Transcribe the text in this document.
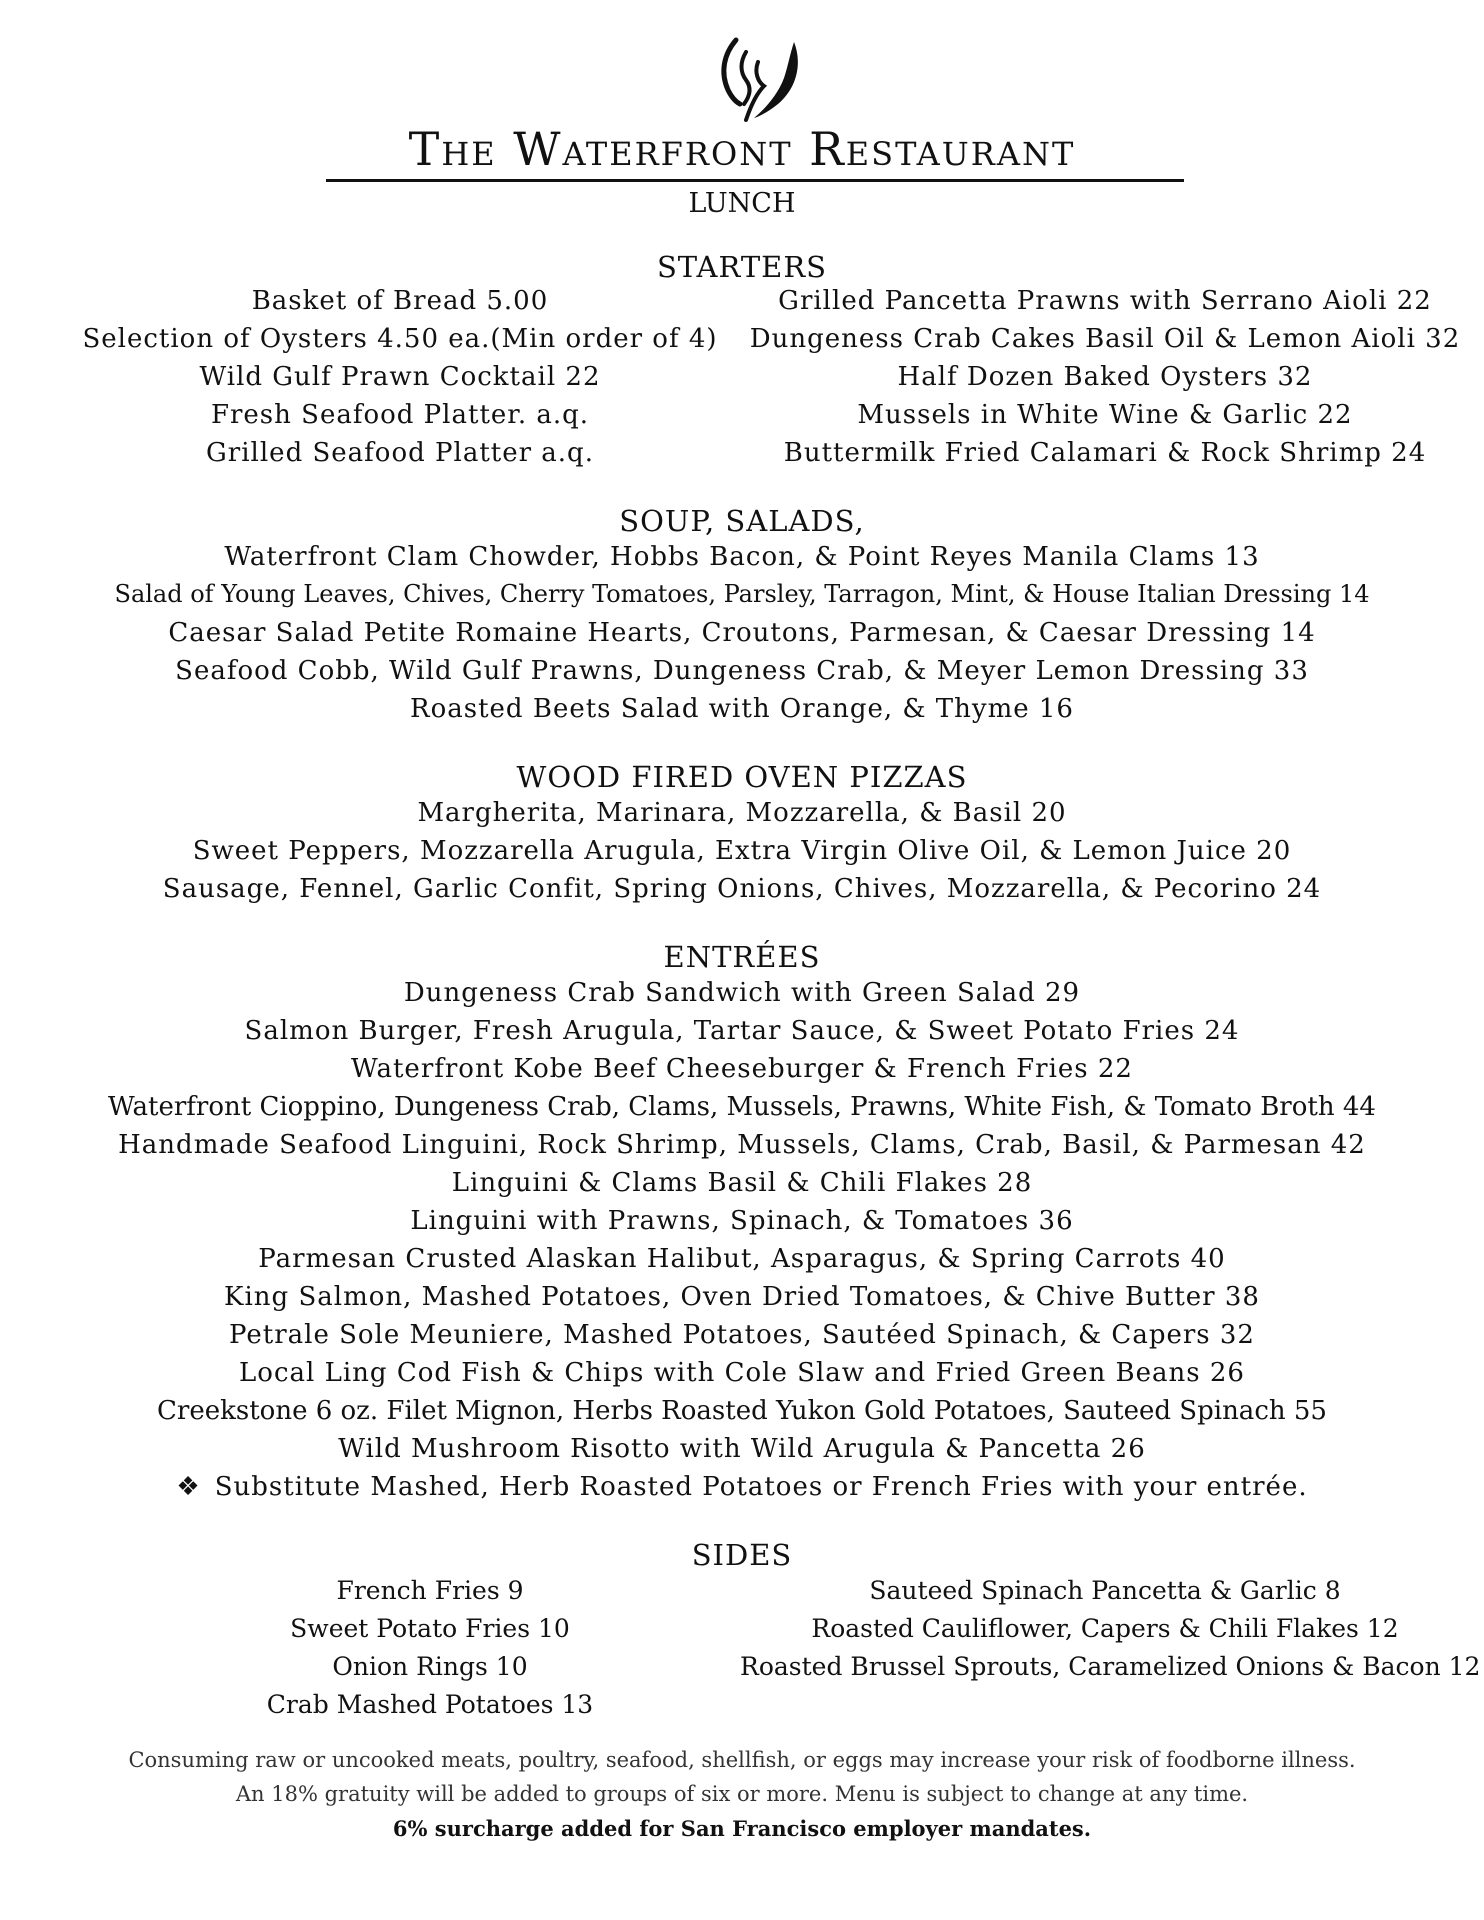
The Waterfront Restaurant
LUNCH
STARTERS
Basket of Bread 5.00
Selection of Oysters 4.50 ea.(Min order of 4)
Wild Gulf Prawn Cocktail 22
Fresh Seafood Platter. a.q.
Grilled Seafood Platter a.q.
Grilled Pancetta Prawns with Serrano Aioli 22
Dungeness Crab Cakes Basil Oil & Lemon Aioli 32
Half Dozen Baked Oysters 32
Mussels in White Wine & Garlic 22
Buttermilk Fried Calamari & Rock Shrimp 24
SOUP, SALADS,
Waterfront Clam Chowder, Hobbs Bacon, & Point Reyes Manila Clams 13
Salad of Young Leaves, Chives, Cherry Tomatoes, Parsley, Tarragon, Mint, & House Italian Dressing 14
Caesar Salad Petite Romaine Hearts, Croutons, Parmesan, & Caesar Dressing 14
Seafood Cobb, Wild Gulf Prawns, Dungeness Crab, & Meyer Lemon Dressing 33
Roasted Beets Salad with Orange, & Thyme 16
WOOD FIRED OVEN PIZZAS
Margherita, Marinara, Mozzarella, & Basil 20
Sweet Peppers, Mozzarella Arugula, Extra Virgin Olive Oil, & Lemon Juice 20
Sausage, Fennel, Garlic Confit, Spring Onions, Chives, Mozzarella, & Pecorino 24
ENTRÉES
Dungeness Crab Sandwich with Green Salad 29
Salmon Burger, Fresh Arugula, Tartar Sauce, & Sweet Potato Fries 24
Waterfront Kobe Beef Cheeseburger & French Fries 22
Waterfront Cioppino, Dungeness Crab, Clams, Mussels, Prawns, White Fish, & Tomato Broth 44
Handmade Seafood Linguini, Rock Shrimp, Mussels, Clams, Crab, Basil, & Parmesan 42
Linguini & Clams Basil & Chili Flakes 28
Linguini with Prawns, Spinach, & Tomatoes 36
Parmesan Crusted Alaskan Halibut, Asparagus, & Spring Carrots 40
King Salmon, Mashed Potatoes, Oven Dried Tomatoes, & Chive Butter 38
Petrale Sole Meuniere, Mashed Potatoes, Sautéed Spinach, & Capers 32
Local Ling Cod Fish & Chips with Cole Slaw and Fried Green Beans 26
Creekstone 6 oz. Filet Mignon, Herbs Roasted Yukon Gold Potatoes, Sauteed Spinach 55
Wild Mushroom Risotto with Wild Arugula & Pancetta 26
❖ Substitute Mashed, Herb Roasted Potatoes or French Fries with your entrée.
SIDES
French Fries 9
Sweet Potato Fries 10
Onion Rings 10
Crab Mashed Potatoes 13
Sauteed Spinach Pancetta & Garlic 8
Roasted Cauliflower, Capers & Chili Flakes 12
Roasted Brussel Sprouts, Caramelized Onions & Bacon 12
Consuming raw or uncooked meats, poultry, seafood, shellfish, or eggs may increase your risk of foodborne illness.
An 18% gratuity will be added to groups of six or more. Menu is subject to change at any time.
6% surcharge added for San Francisco employer mandates.
